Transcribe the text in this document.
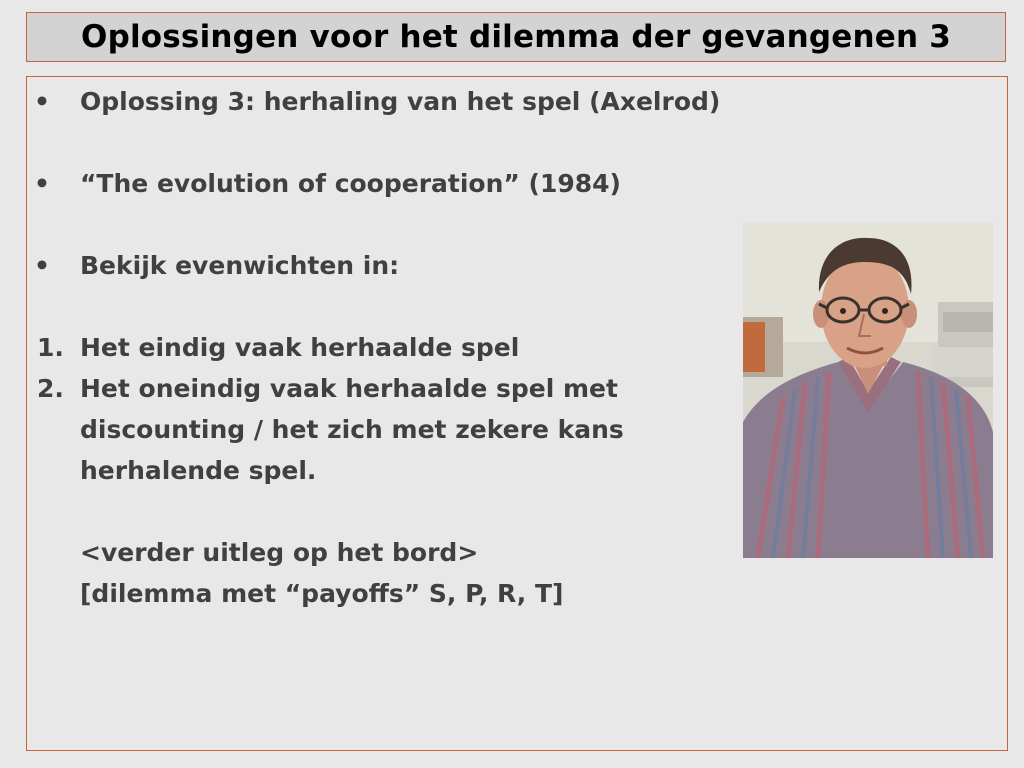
Oplossingen voor het dilemma der gevangenen 3
• Oplossing 3: herhaling van het spel (Axelrod)
• “The evolution of cooperation” (1984)
• Bekijk evenwichten in:
1. Het eindig vaak herhaalde spel
2. Het oneindig vaak herhaalde spel met
discounting / het zich met zekere kans
herhalende spel.
<verder uitleg op het bord>
[dilemma met “payoffs” S, P, R, T]
